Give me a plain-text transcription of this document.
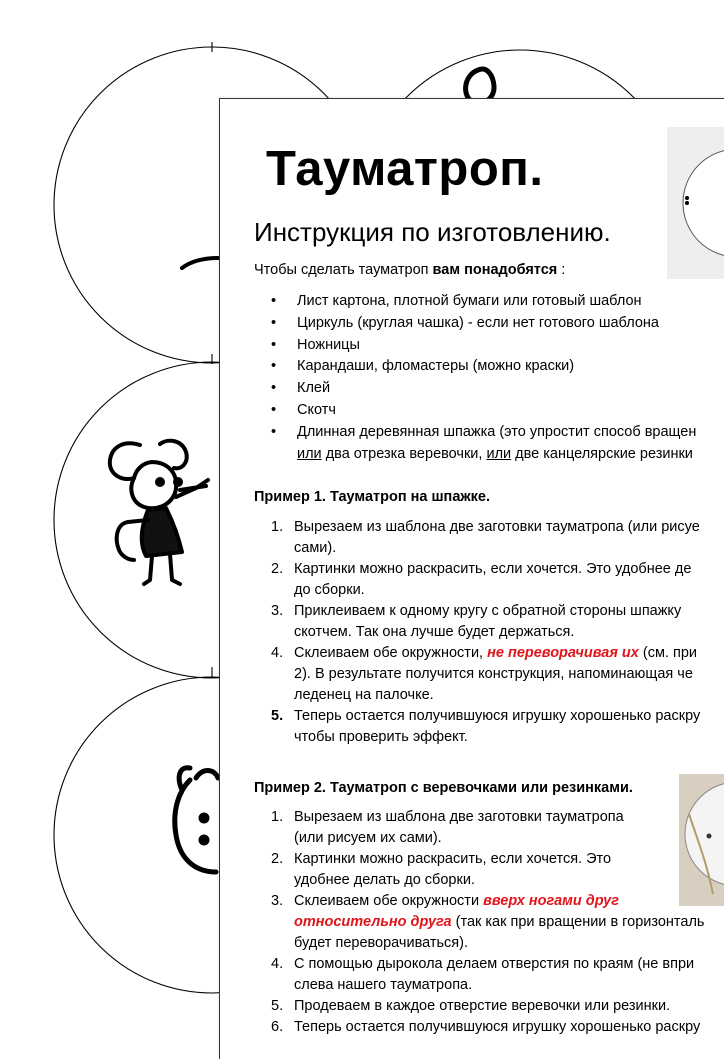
Тауматроп.
Инструкция по изготовлению.
Чтобы сделать тауматроп вам понадобятся :
• Лист картона, плотной бумаги или готовый шаблон
• Циркуль (круглая чашка) - если нет готового шаблона
• Ножницы
• Карандаши, фломастеры (можно краски)
• Клей
• Скотч
• Длинная деревянная шпажка (это упростит способ вращен
или два отрезка веревочки, или две канцелярские резинки
Пример 1. Тауматроп на шпажке.
1. Вырезаем из шаблона две заготовки тауматропа (или рисуе
сами).
2. Картинки можно раскрасить, если хочется. Это удобнее де
до сборки.
3. Приклеиваем к одному кругу с обратной стороны шпажку
скотчем. Так она лучше будет держаться.
4. Склеиваем обе окружности, не переворачивая их (см. при
2). В результате получится конструкция, напоминающая че
леденец на палочке.
5. Теперь остается получившуюся игрушку хорошенько раскру
чтобы проверить эффект.
Пример 2. Тауматроп с веревочками или резинками.
1. Вырезаем из шаблона две заготовки тауматропа
(или рисуем их сами).
2. Картинки можно раскрасить, если хочется. Это
удобнее делать до сборки.
3. Склеиваем обе окружности вверх ногами друг
относительно друга (так как при вращении в горизонталь
будет переворачиваться).
4. С помощью дырокола делаем отверстия по краям (не впри
слева нашего тауматропа.
5. Продеваем в каждое отверстие веревочки или резинки.
6. Теперь остается получившуюся игрушку хорошенько раскру
